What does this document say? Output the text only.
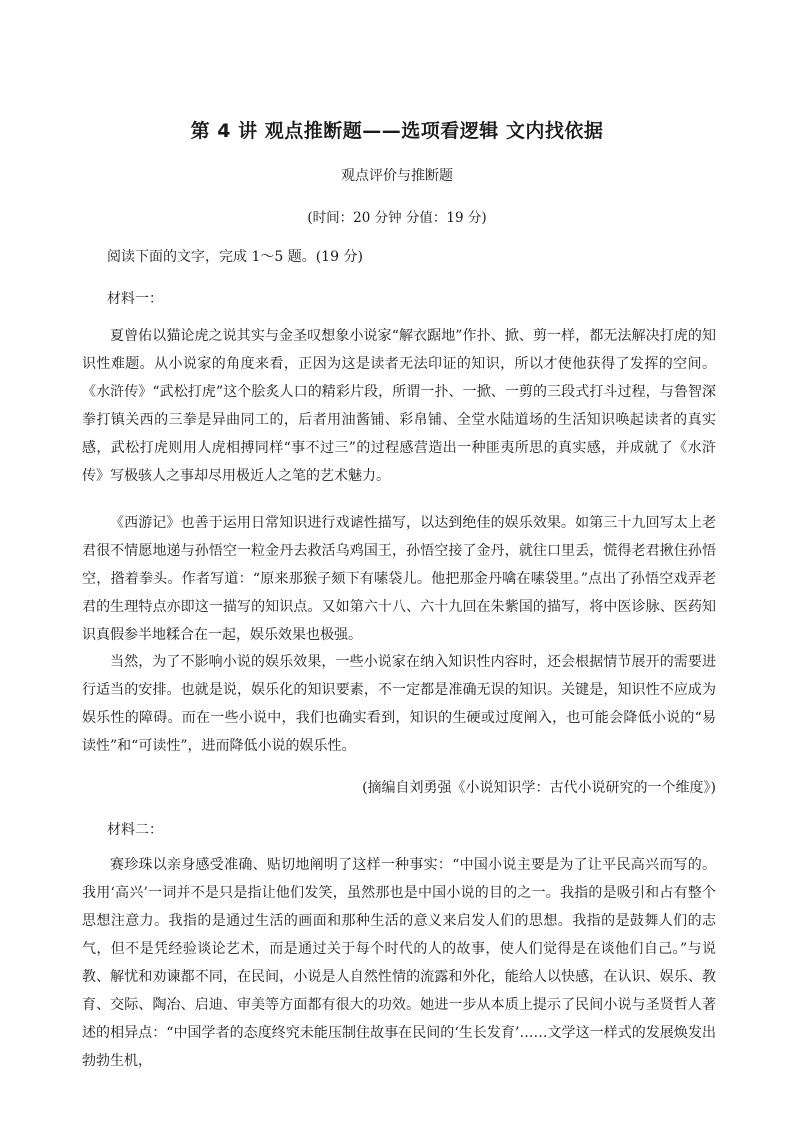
第 4 讲 观点推断题——选项看逻辑 文内找依据

观点评价与推断题

(时间：20 分钟 分值：19 分)

阅读下面的文字，完成 1～5 题。(19 分)

材料一：

夏曾佑以猫论虎之说其实与金圣叹想象小说家“解衣踞地”作扑、掀、剪一样，都无法解决打虎的知识性难题。从小说家的角度来看，正因为这是读者无法印证的知识，所以才使他获得了发挥的空间。《水浒传》“武松打虎”这个脍炙人口的精彩片段，所谓一扑、一掀、一剪的三段式打斗过程，与鲁智深拳打镇关西的三拳是异曲同工的，后者用油酱铺、彩帛铺、全堂水陆道场的生活知识唤起读者的真实感，武松打虎则用人虎相搏同样“事不过三”的过程感营造出一种匪夷所思的真实感，并成就了《水浒传》写极骇人之事却尽用极近人之笔的艺术魅力。

《西游记》也善于运用日常知识进行戏谑性描写，以达到绝佳的娱乐效果。如第三十九回写太上老君很不情愿地递与孙悟空一粒金丹去救活乌鸡国王，孙悟空接了金丹，就往口里丢，慌得老君揪住孙悟空，揝着拳头。作者写道：“原来那猴子颏下有嗉袋儿。他把那金丹噙在嗉袋里。”点出了孙悟空戏弄老君的生理特点亦即这一描写的知识点。又如第六十八、六十九回在朱紫国的描写，将中医诊脉、医药知识真假参半地糅合在一起，娱乐效果也极强。

当然，为了不影响小说的娱乐效果，一些小说家在纳入知识性内容时，还会根据情节展开的需要进行适当的安排。也就是说，娱乐化的知识要素，不一定都是准确无误的知识。关键是，知识性不应成为娱乐性的障碍。而在一些小说中，我们也确实看到，知识的生硬或过度阐入，也可能会降低小说的“易读性”和“可读性”，进而降低小说的娱乐性。

(摘编自刘勇强《小说知识学：古代小说研究的一个维度》)

材料二：

赛珍珠以亲身感受准确、贴切地阐明了这样一种事实：“中国小说主要是为了让平民高兴而写的。我用‘高兴’一词并不是只是指让他们发笑，虽然那也是中国小说的目的之一。我指的是吸引和占有整个思想注意力。我指的是通过生活的画面和那种生活的意义来启发人们的思想。我指的是鼓舞人们的志气，但不是凭经验谈论艺术，而是通过关于每个时代的人的故事，使人们觉得是在谈他们自己。”与说教、解忧和劝谏都不同，在民间，小说是人自然性情的流露和外化，能给人以快感，在认识、娱乐、教育、交际、陶冶、启迪、审美等方面都有很大的功效。她进一步从本质上提示了民间小说与圣贤哲人著述的相异点：“中国学者的态度终究未能压制住故事在民间的‘生长发育’……文学这一样式的发展焕发出勃勃生机，
